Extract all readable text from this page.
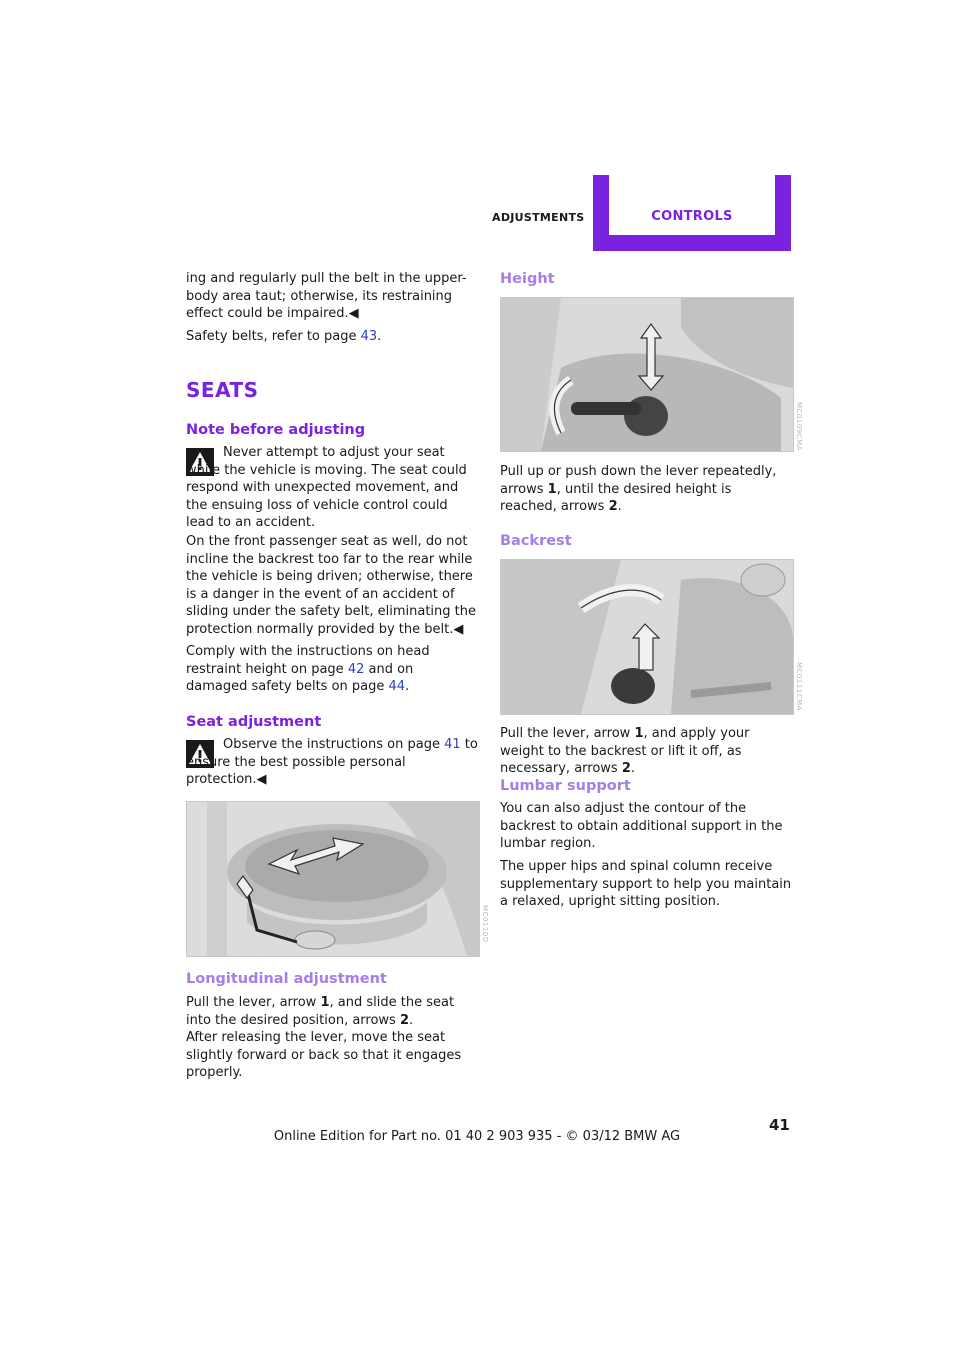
ADJUSTMENTS	CONTROLS

ing and regularly pull the belt in the upper-body area taut; otherwise, its restraining effect could be impaired.◀

Safety belts, refer to page 43.

SEATS
Note before adjusting

Never attempt to adjust your seat while the vehicle is moving. The seat could respond with unexpected movement, and the ensuing loss of vehicle control could lead to an accident.

On the front passenger seat as well, do not incline the backrest too far to the rear while the vehicle is being driven; otherwise, there is a danger in the event of an accident of sliding under the safety belt, eliminating the protection normally provided by the belt.◀

Comply with the instructions on head restraint height on page 42 and on damaged safety belts on page 44.

Seat adjustment

Observe the instructions on page 41 to ensure the best possible personal protection.◀

MC0110D
Longitudinal adjustment

Pull the lever, arrow 1, and slide the seat into the desired position, arrows 2.

After releasing the lever, move the seat slightly forward or back so that it engages properly.

Height
MC0109CMA

Pull up or push down the lever repeatedly, arrows 1, until the desired height is reached, arrows 2.

Backrest
MC0111CMA

Pull the lever, arrow 1, and apply your weight to the backrest or lift it off, as necessary, arrows 2.

Lumbar support

You can also adjust the contour of the backrest to obtain additional support in the lumbar region.

The upper hips and spinal column receive supplementary support to help you maintain a relaxed, upright sitting position.

41
Online Edition for Part no. 01 40 2 903 935 - © 03/12 BMW AG
